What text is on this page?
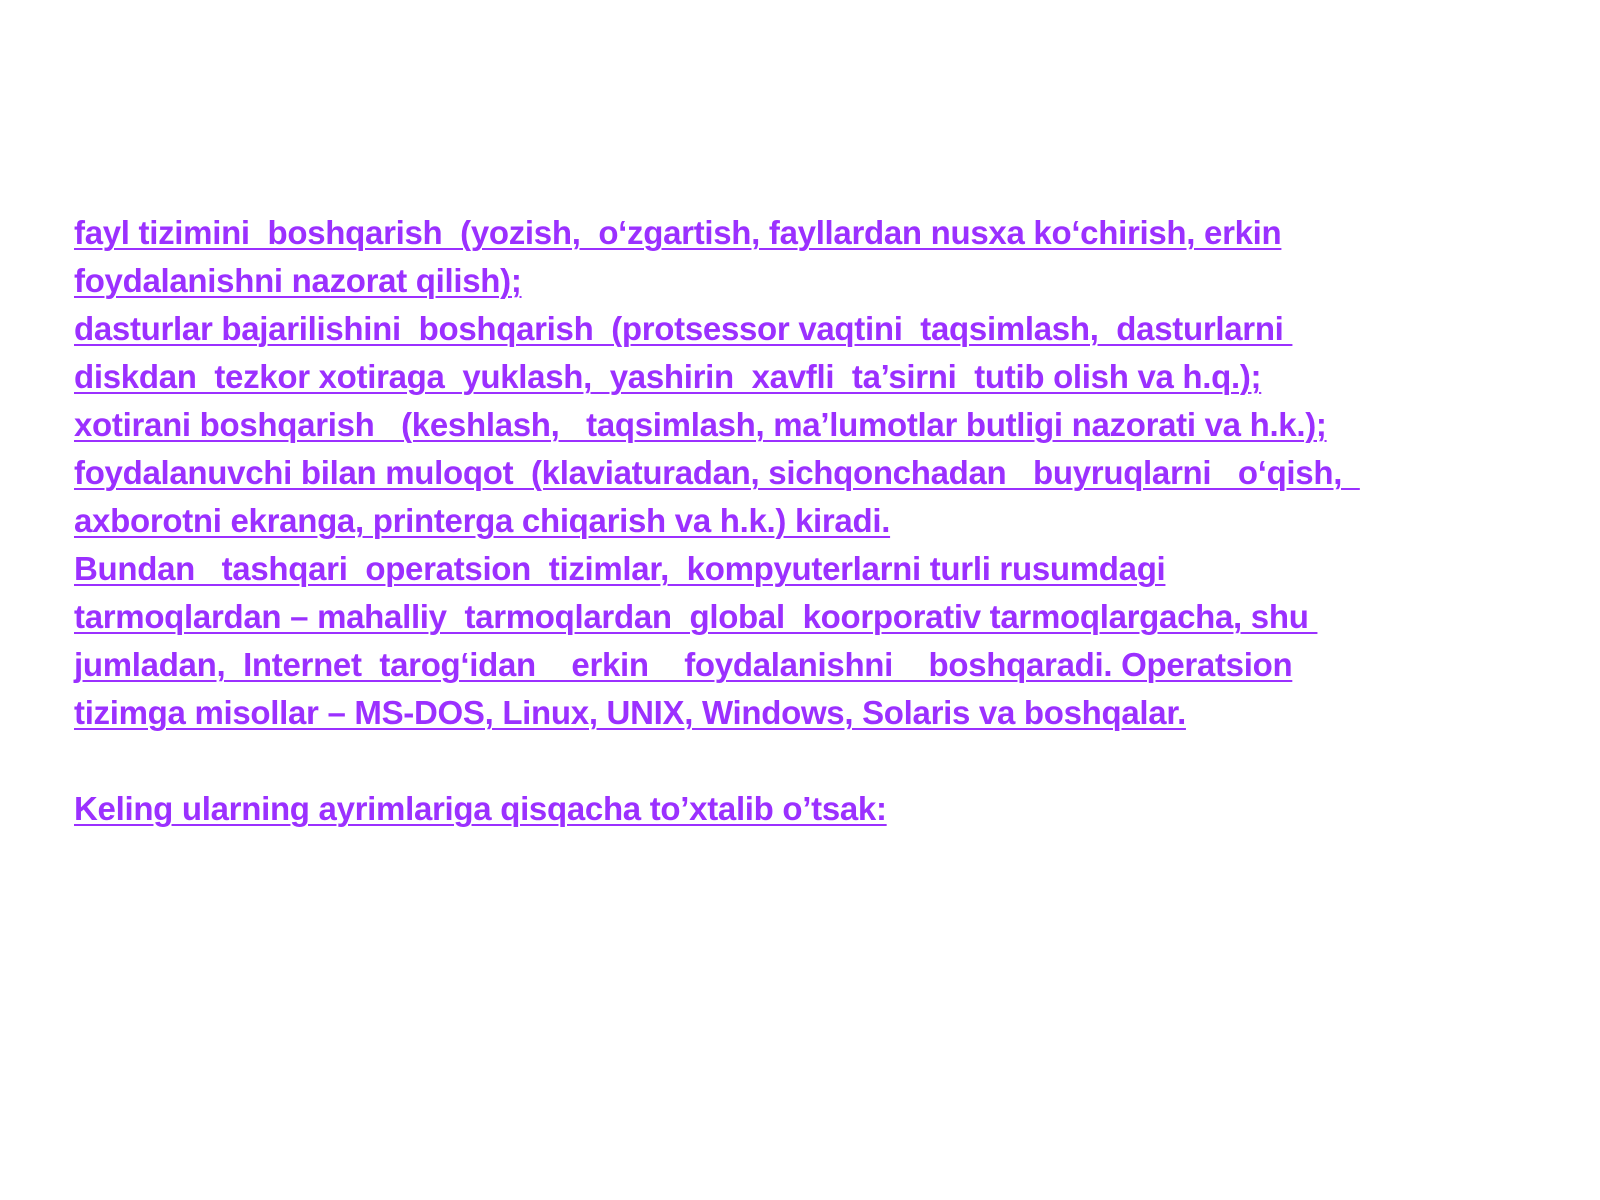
fayl tizimini  boshqarish  (yozish,  o‘zgartish, fayllardan nusxa ko‘chirish, erkin
foydalanishni nazorat qilish);
dasturlar bajarilishini  boshqarish  (protsessor vaqtini  taqsimlash,  dasturlarni
diskdan  tezkor xotiraga  yuklash,  yashirin  xavfli  ta’sirni  tutib olish va h.q.);
xotirani boshqarish   (keshlash,   taqsimlash, ma’lumotlar butligi nazorati va h.k.);
foydalanuvchi bilan muloqot  (klaviaturadan, sichqonchadan   buyruqlarni   o‘qish,
axborotni ekranga, printerga chiqarish va h.k.) kiradi.
Bundan   tashqari  operatsion  tizimlar,  kompyuterlarni turli rusumdagi
tarmoqlardan – mahalliy  tarmoqlardan  global  koorporativ tarmoqlargacha, shu
jumladan,  Internet  tarog‘idan    erkin    foydalanishni    boshqaradi. Operatsion
tizimga misollar – MS-DOS, Linux, UNIX, Windows, Solaris va boshqalar.
Keling ularning ayrimlariga qisqacha to’xtalib o’tsak:
